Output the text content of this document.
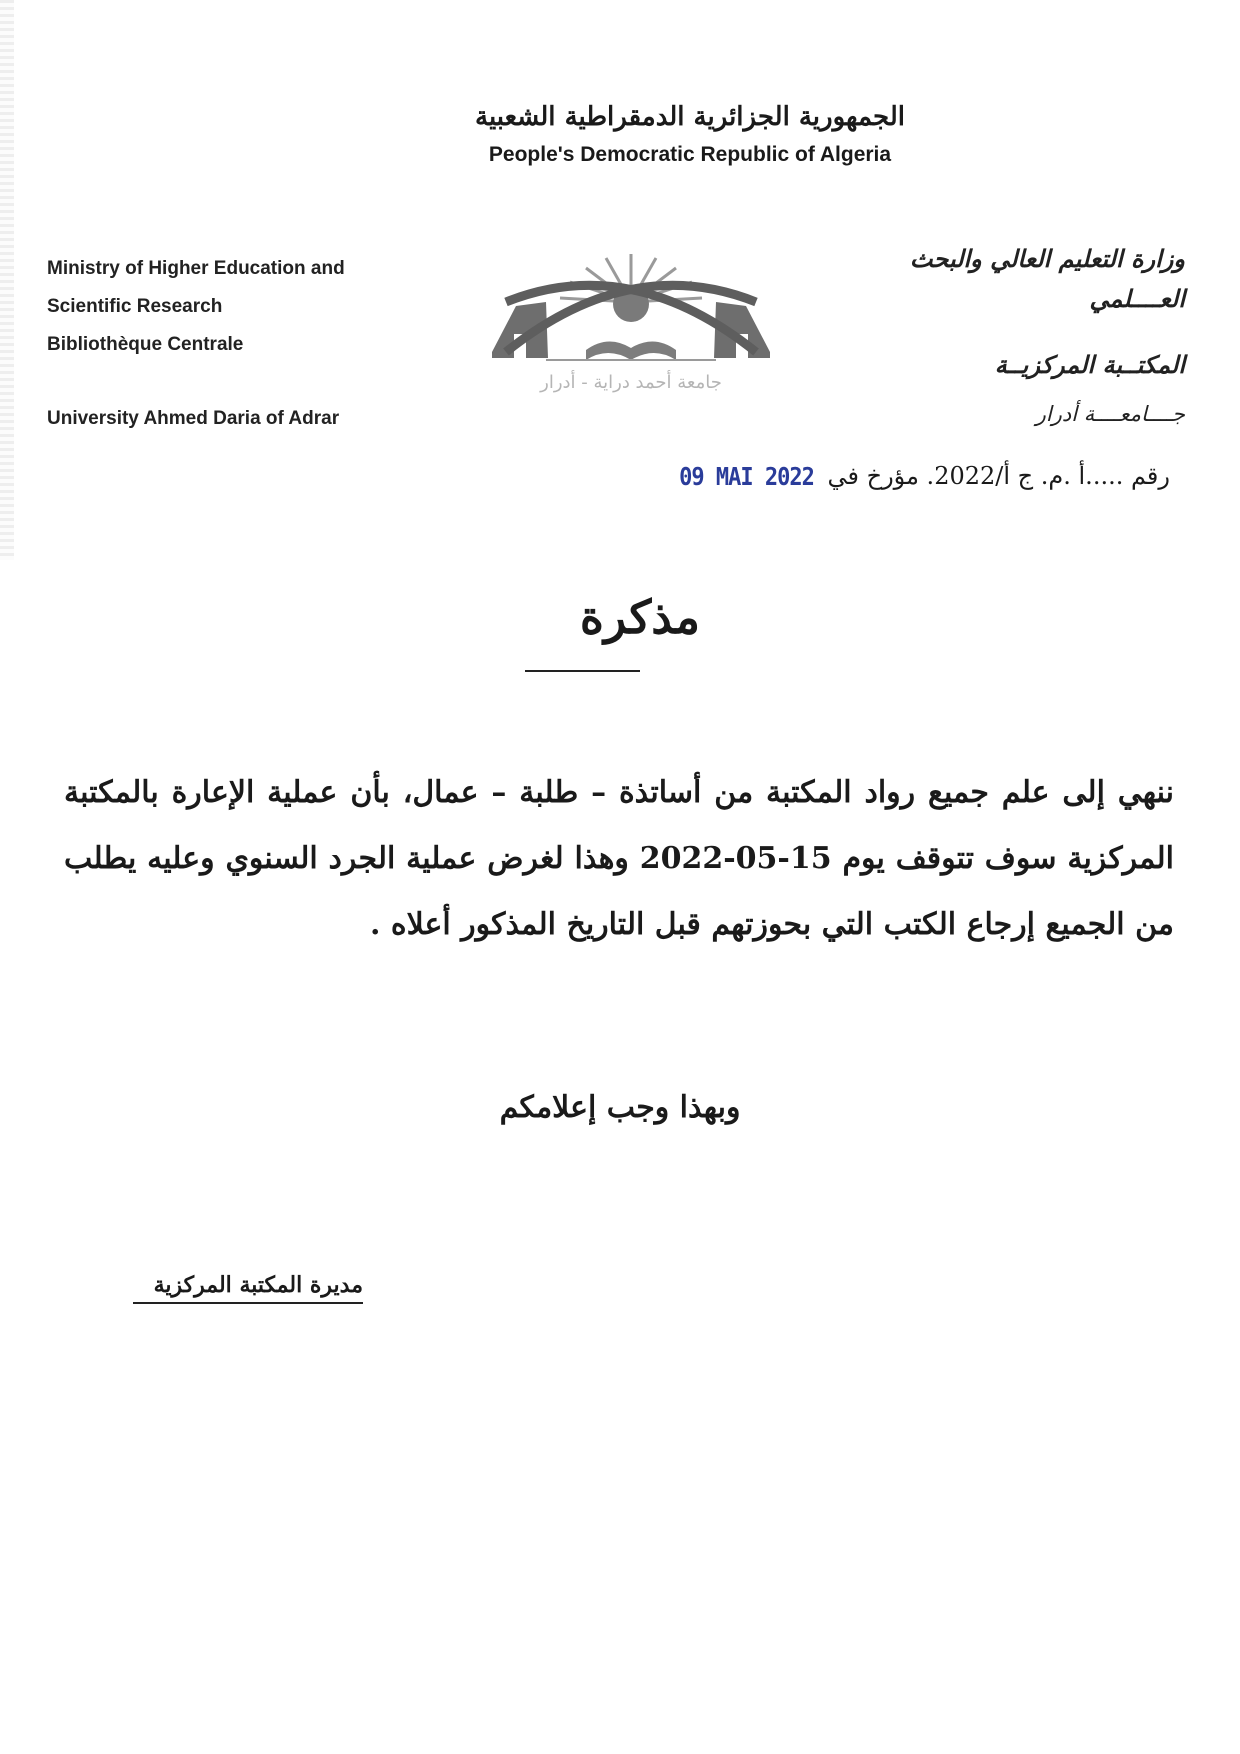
الجمهورية الجزائرية الدمقراطية الشعبية
People's Democratic Republic of Algeria
Ministry of Higher Education and
Scientific Research
Bibliothèque Centrale
University Ahmed Daria of Adrar
وزارة التعليم العالي والبحث
العــــلمي
المكتــبة المركزيــة
جــــامعــــة أدرار
جامعة أحمد دراية - أدرار
رقم .....أ .م. ج أ/2022. مؤرخ في 09 MAI 2022
مذكرة
ننهي إلى علم جميع رواد المكتبة من أساتذة – طلبة – عمال، بأن عملية الإعارة بالمكتبة المركزية سوف تتوقف يوم 15-05-2022 وهذا لغرض عملية الجرد السنوي وعليه يطلب من الجميع إرجاع الكتب التي بحوزتهم قبل التاريخ المذكور أعلاه .
وبهذا وجب إعلامكم
مديرة المكتبة المركزية
